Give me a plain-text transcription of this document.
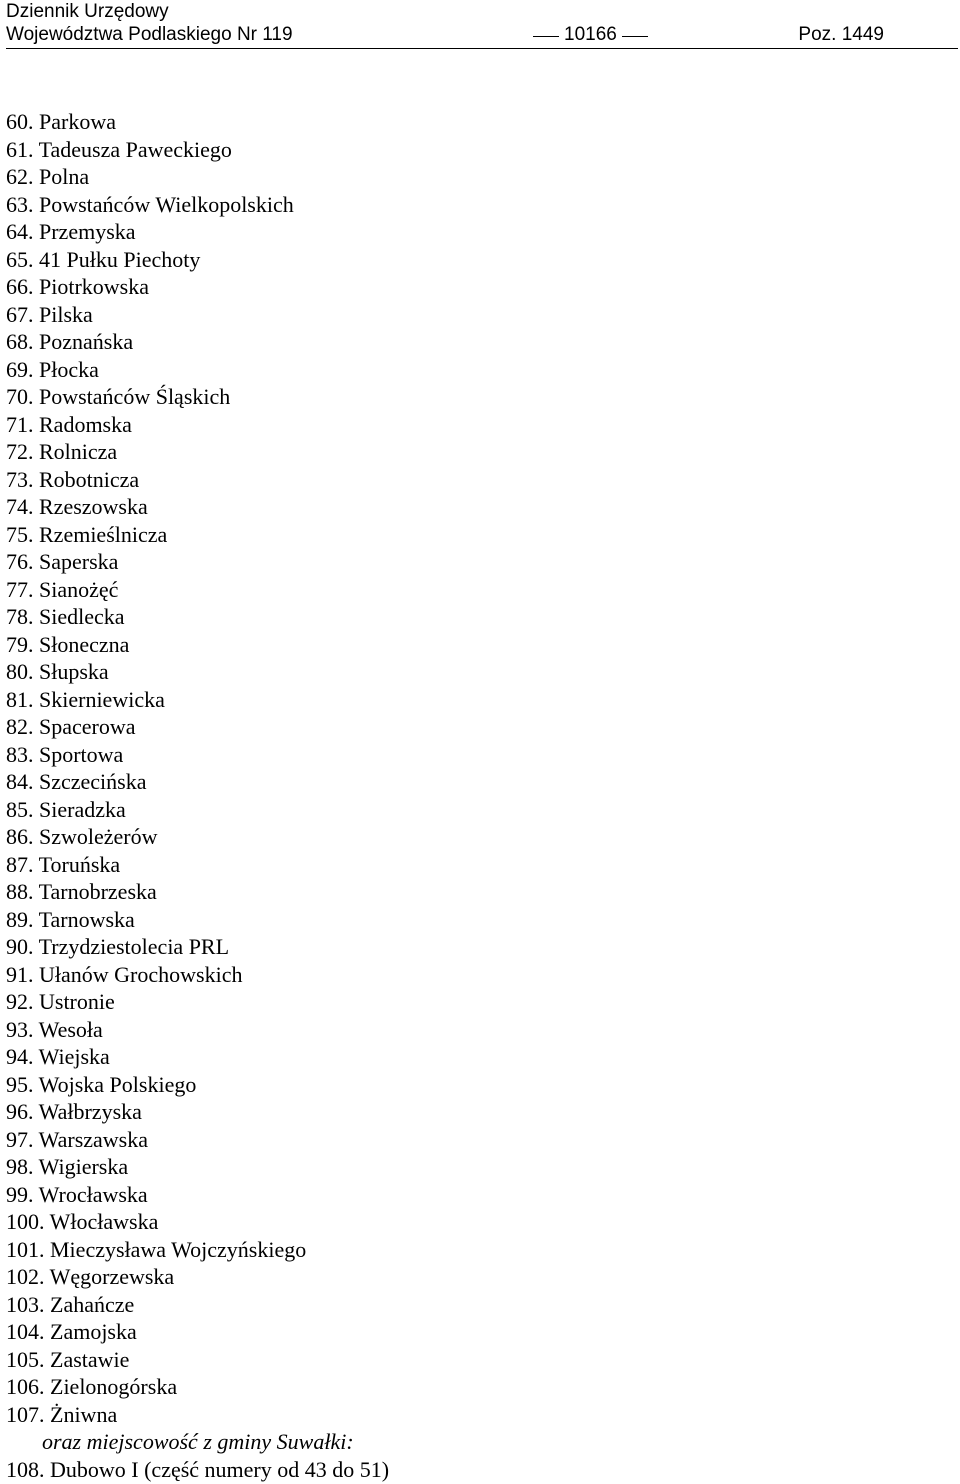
Dziennik Urzędowy
Województwa Podlaskiego Nr 119	10166	Poz. 1449
60. Parkowa
61. Tadeusza Paweckiego
62. Polna
63. Powstańców Wielkopolskich
64. Przemyska
65. 41 Pułku Piechoty
66. Piotrkowska
67. Pilska
68. Poznańska
69. Płocka
70. Powstańców Śląskich
71. Radomska
72. Rolnicza
73. Robotnicza
74. Rzeszowska
75. Rzemieślnicza
76. Saperska
77. Sianożęć
78. Siedlecka
79. Słoneczna
80. Słupska
81. Skierniewicka
82. Spacerowa
83. Sportowa
84. Szczecińska
85. Sieradzka
86. Szwoleżerów
87. Toruńska
88. Tarnobrzeska
89. Tarnowska
90. Trzydziestolecia PRL
91. Ułanów Grochowskich
92. Ustronie
93. Wesoła
94. Wiejska
95. Wojska Polskiego
96. Wałbrzyska
97. Warszawska
98. Wigierska
99. Wrocławska
100. Włocławska
101. Mieczysława Wojczyńskiego
102. Węgorzewska
103. Zahańcze
104. Zamojska
105. Zastawie
106. Zielonogórska
107. Żniwna
oraz miejscowość z gminy Suwałki:
108. Dubowo I (część numery od 43 do 51)
